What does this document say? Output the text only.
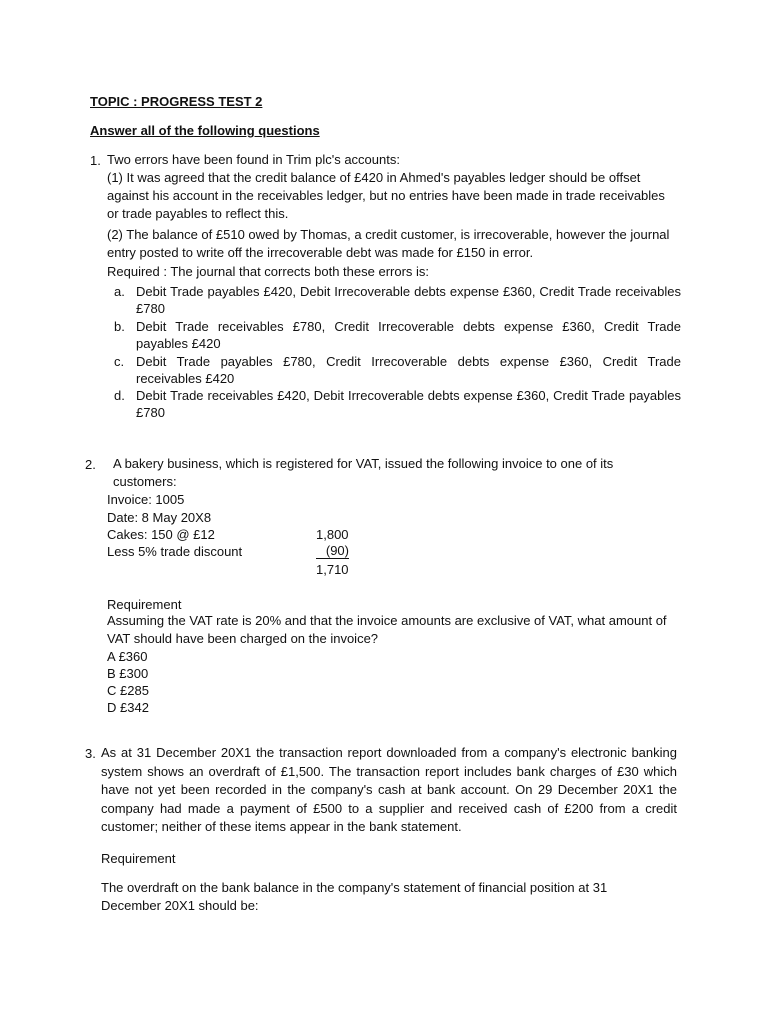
TOPIC : PROGRESS TEST 2
Answer all of the following questions
1. Two errors have been found in Trim plc's accounts:
(1) It was agreed that the credit balance of £420 in Ahmed's payables ledger should be offset against his account in the receivables ledger, but no entries have been made in trade receivables or trade payables to reflect this.
(2) The balance of £510 owed by Thomas, a credit customer, is irrecoverable, however the journal entry posted to write off the irrecoverable debt was made for £150 in error.
Required : The journal that corrects both these errors is:
a. Debit Trade payables £420, Debit Irrecoverable debts expense £360, Credit Trade receivables £780
b. Debit Trade receivables £780, Credit Irrecoverable debts expense £360, Credit Trade payables £420
c. Debit Trade payables £780, Credit Irrecoverable debts expense £360, Credit Trade receivables £420
d. Debit Trade receivables £420, Debit Irrecoverable debts expense £360, Credit Trade payables £780
2. A bakery business, which is registered for VAT, issued the following invoice to one of its customers:
Invoice: 1005
Date: 8 May 20X8
Cakes: 150 @ £12	1,800
Less 5% trade discount	(90)
1,710
Requirement
Assuming the VAT rate is 20% and that the invoice amounts are exclusive of VAT, what amount of VAT should have been charged on the invoice?
A £360
B £300
C £285
D £342
3. As at 31 December 20X1 the transaction report downloaded from a company's electronic banking system shows an overdraft of £1,500. The transaction report includes bank charges of £30 which have not yet been recorded in the company's cash at bank account. On 29 December 20X1 the company had made a payment of £500 to a supplier and received cash of £200 from a credit customer; neither of these items appear in the bank statement.
Requirement
The overdraft on the bank balance in the company's statement of financial position at 31 December 20X1 should be:
